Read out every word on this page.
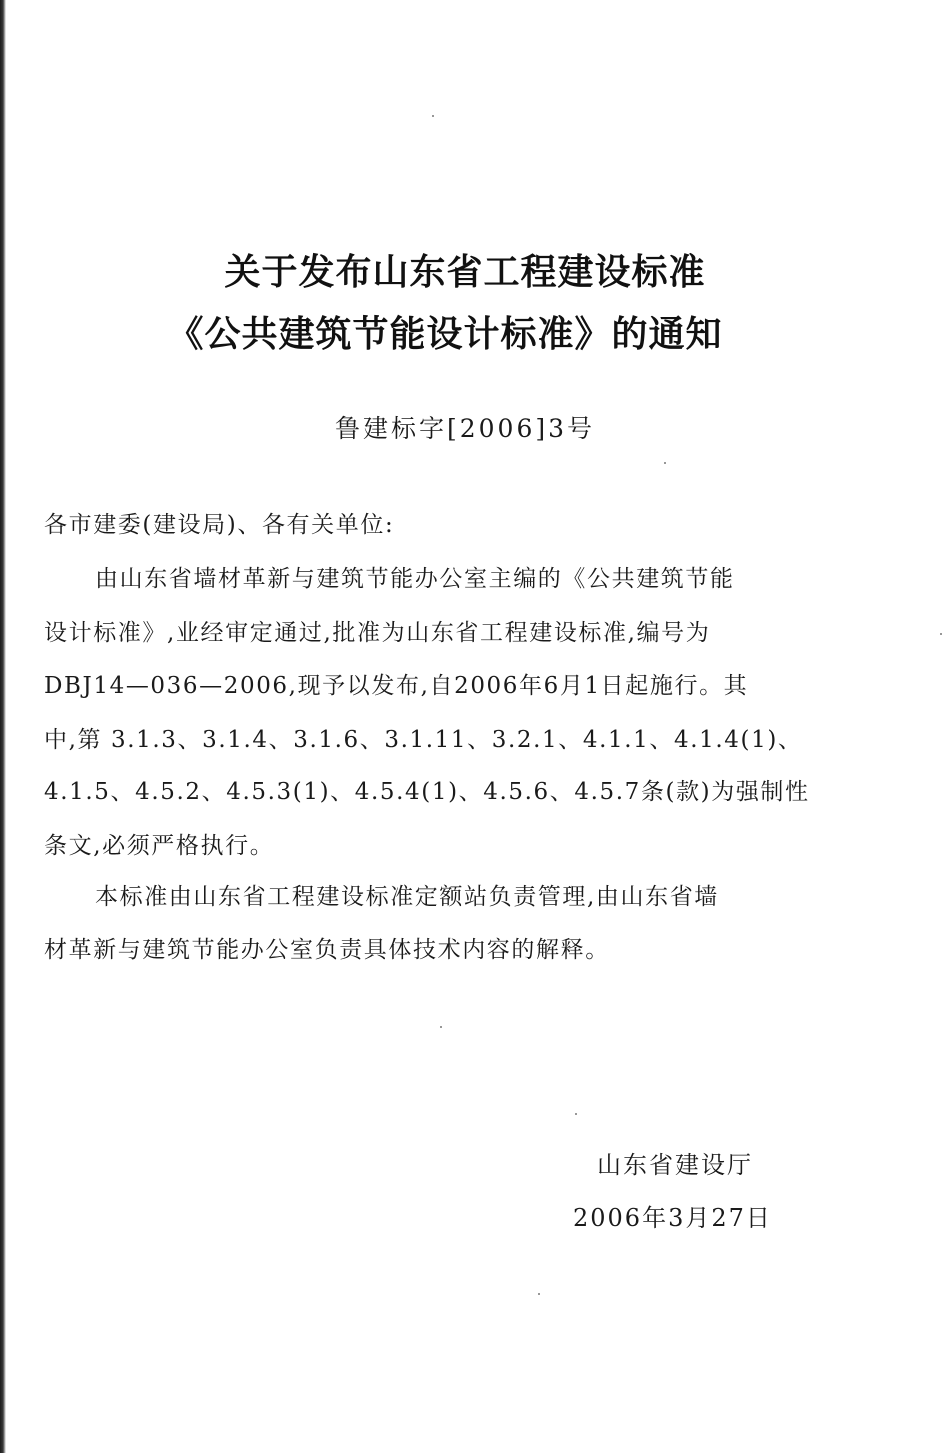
关于发布山东省工程建设标准
《公共建筑节能设计标准》的通知
鲁建标字[2006]3号
各市建委(建设局)、各有关单位:
由山东省墙材革新与建筑节能办公室主编的《公共建筑节能
设计标准》,业经审定通过,批准为山东省工程建设标准,编号为
DBJ14—036—2006,现予以发布,自2006年6月1日起施行。其
中,第 3.1.3、3.1.4、3.1.6、3.1.11、3.2.1、4.1.1、4.1.4(1)、
4.1.5、4.5.2、4.5.3(1)、4.5.4(1)、4.5.6、4.5.7条(款)为强制性
条文,必须严格执行。
本标准由山东省工程建设标准定额站负责管理,由山东省墙
材革新与建筑节能办公室负责具体技术内容的解释。
山东省建设厅
2006年3月27日
